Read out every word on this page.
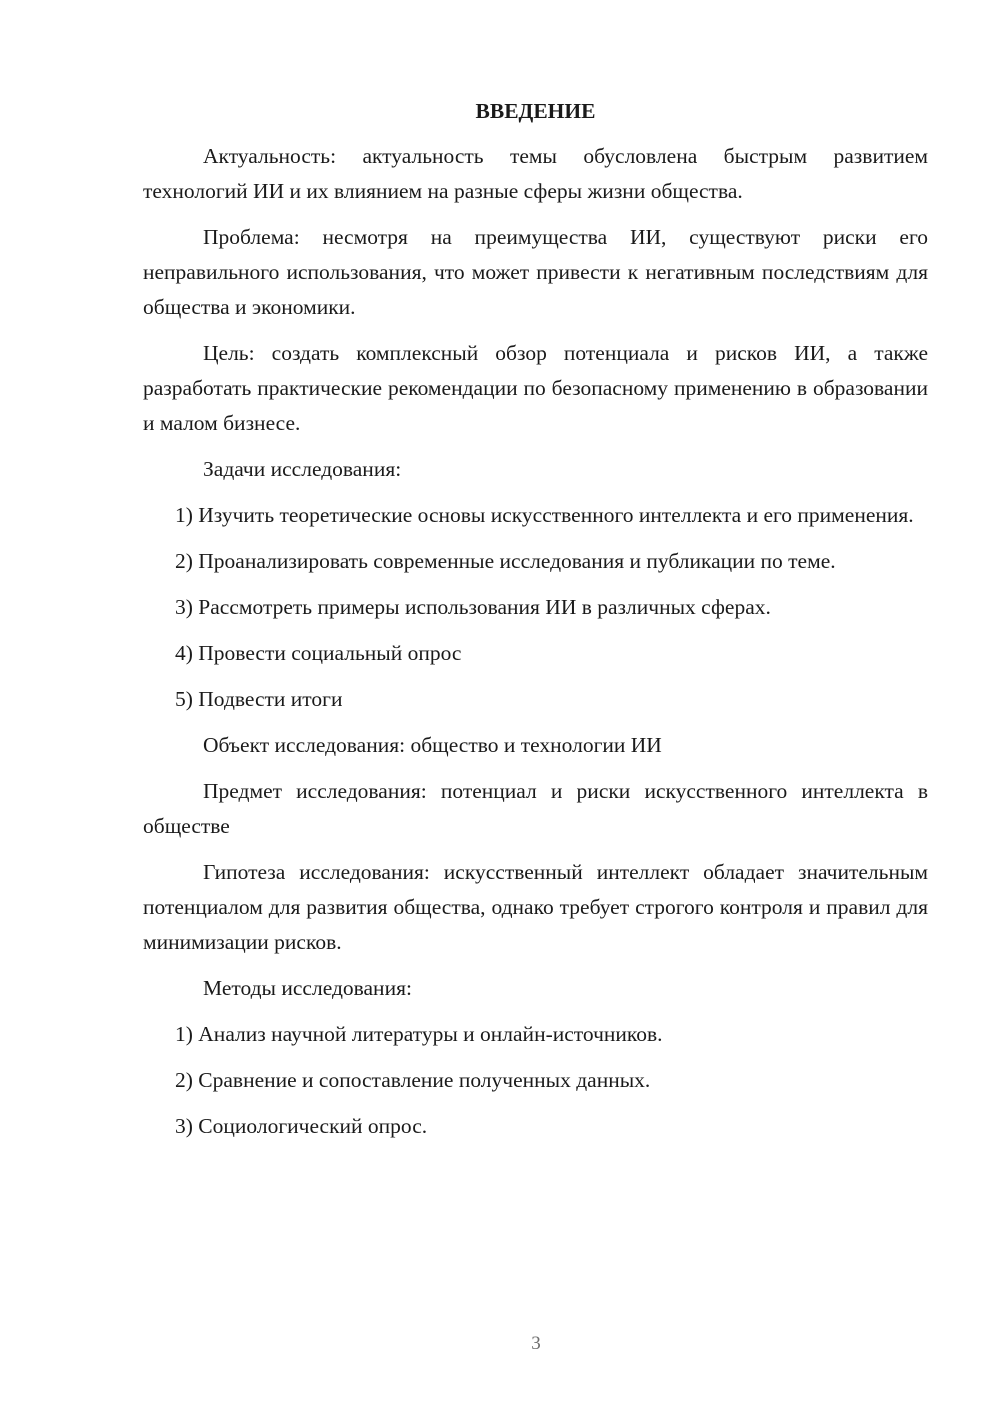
ВВЕДЕНИЕ

Актуальность: актуальность темы обусловлена быстрым развитием технологий ИИ и их влиянием на разные сферы жизни общества.

Проблема: несмотря на преимущества ИИ, существуют риски его неправильного использования, что может привести к негативным последствиям для общества и экономики.

Цель: создать комплексный обзор потенциала и рисков ИИ, а также разработать практические рекомендации по безопасному применению в образовании и малом бизнесе.

Задачи исследования:

1) Изучить теоретические основы искусственного интеллекта и его применения.

2) Проанализировать современные исследования и публикации по теме.

3) Рассмотреть примеры использования ИИ в различных сферах.

4) Провести социальный опрос

5) Подвести итоги

Объект исследования: общество и технологии ИИ

Предмет исследования: потенциал и риски искусственного интеллекта в обществе

Гипотеза исследования: искусственный интеллект обладает значительным потенциалом для развития общества, однако требует строгого контроля и правил для минимизации рисков.

Методы исследования:

1) Анализ научной литературы и онлайн-источников.

2) Сравнение и сопоставление полученных данных.

3) Социологический опрос.

3
